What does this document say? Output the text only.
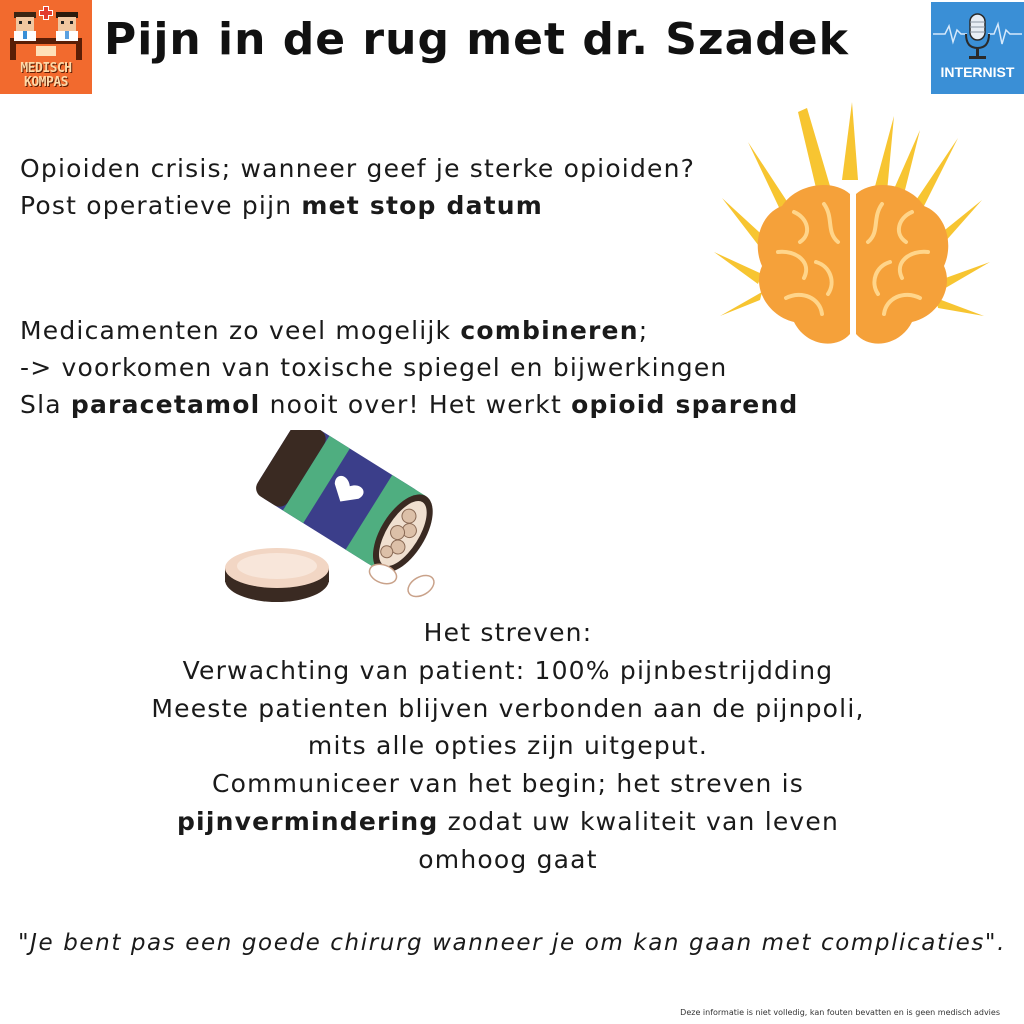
MEDISCH
KOMPAS
Pijn in de rug met dr. Szadek
INTERNIST
Opioiden crisis; wanneer geef je sterke opioiden?
Post operatieve pijn met stop datum
Medicamenten zo veel mogelijk combineren;
-> voorkomen van toxische spiegel en bijwerkingen
Sla paracetamol nooit over! Het werkt opioid sparend
Het streven:
Verwachting van patient: 100% pijnbestrijdding
Meeste patienten blijven verbonden aan de pijnpoli,
mits alle opties zijn uitgeput.
Communiceer van het begin; het streven is
pijnvermindering zodat uw kwaliteit van leven
omhoog gaat
"Je bent pas een goede chirurg wanneer je om kan gaan met complicaties".
Deze informatie is niet volledig, kan fouten bevatten en is geen medisch advies
